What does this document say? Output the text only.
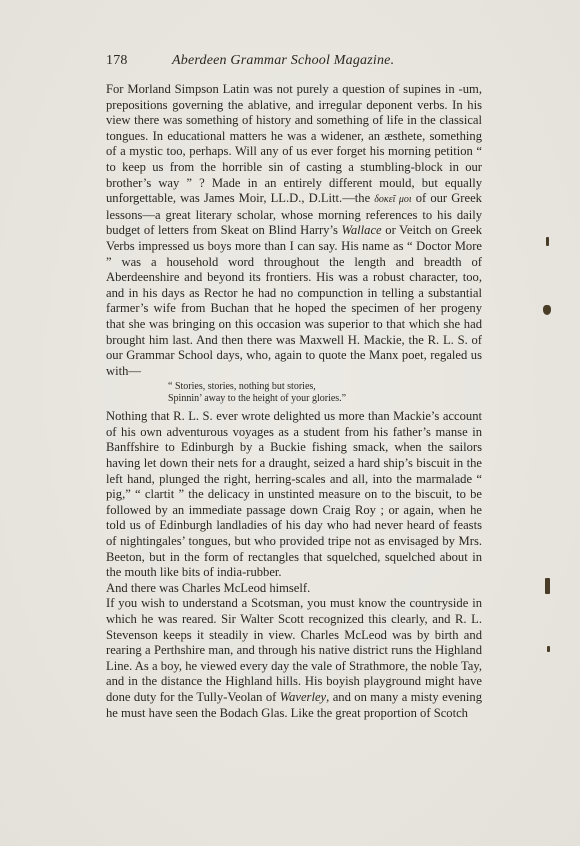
178	Aberdeen Grammar School Magazine.

For Morland Simpson Latin was not purely a question of supines in -um, prepositions governing the ablative, and irregular deponent verbs. In his view there was something of history and something of life in the classical tongues. In educational matters he was a widener, an æsthete, something of a mystic too, perhaps. Will any of us ever forget his morning petition “ to keep us from the horrible sin of casting a stumbling-block in our brother’s way ” ? Made in an entirely different mould, but equally unforgettable, was James Moir, LL.D., D.Litt.—the δοκεῖ μοι of our Greek lessons—a great literary scholar, whose morning references to his daily budget of letters from Skeat on Blind Harry’s Wallace or Veitch on Greek Verbs impressed us boys more than I can say. His name as “ Doctor More ” was a household word throughout the length and breadth of Aberdeenshire and beyond its frontiers. His was a robust character, too, and in his days as Rector he had no compunction in telling a substantial farmer’s wife from Buchan that he hoped the specimen of her progeny that she was bringing on this occasion was superior to that which she had brought him last. And then there was Maxwell H. Mackie, the R. L. S. of our Grammar School days, who, again to quote the Manx poet, regaled us with—

“ Stories, stories, nothing but stories,
Spinnin’ away to the height of your glories.”

Nothing that R. L. S. ever wrote delighted us more than Mackie’s account of his own adventurous voyages as a student from his father’s manse in Banffshire to Edinburgh by a Buckie fishing smack, when the sailors having let down their nets for a draught, seized a hard ship’s biscuit in the left hand, plunged the right, herring-scales and all, into the marmalade “ pig,” “ clartit ” the delicacy in unstinted measure on to the biscuit, to be followed by an immediate passage down Craig Roy ; or again, when he told us of Edinburgh landladies of his day who had never heard of feasts of nightingales’ tongues, but who provided tripe not as envisaged by Mrs. Beeton, but in the form of rectangles that squelched, squelched about in the mouth like bits of india-rubber.

And there was Charles McLeod himself.

If you wish to understand a Scotsman, you must know the countryside in which he was reared. Sir Walter Scott recognized this clearly, and R. L. Stevenson keeps it steadily in view. Charles McLeod was by birth and rearing a Perthshire man, and through his native district runs the Highland Line. As a boy, he viewed every day the vale of Strathmore, the noble Tay, and in the distance the Highland hills. His boyish playground might have done duty for the Tully-Veolan of Waverley, and on many a misty evening he must have seen the Bodach Glas. Like the great proportion of Scotch
